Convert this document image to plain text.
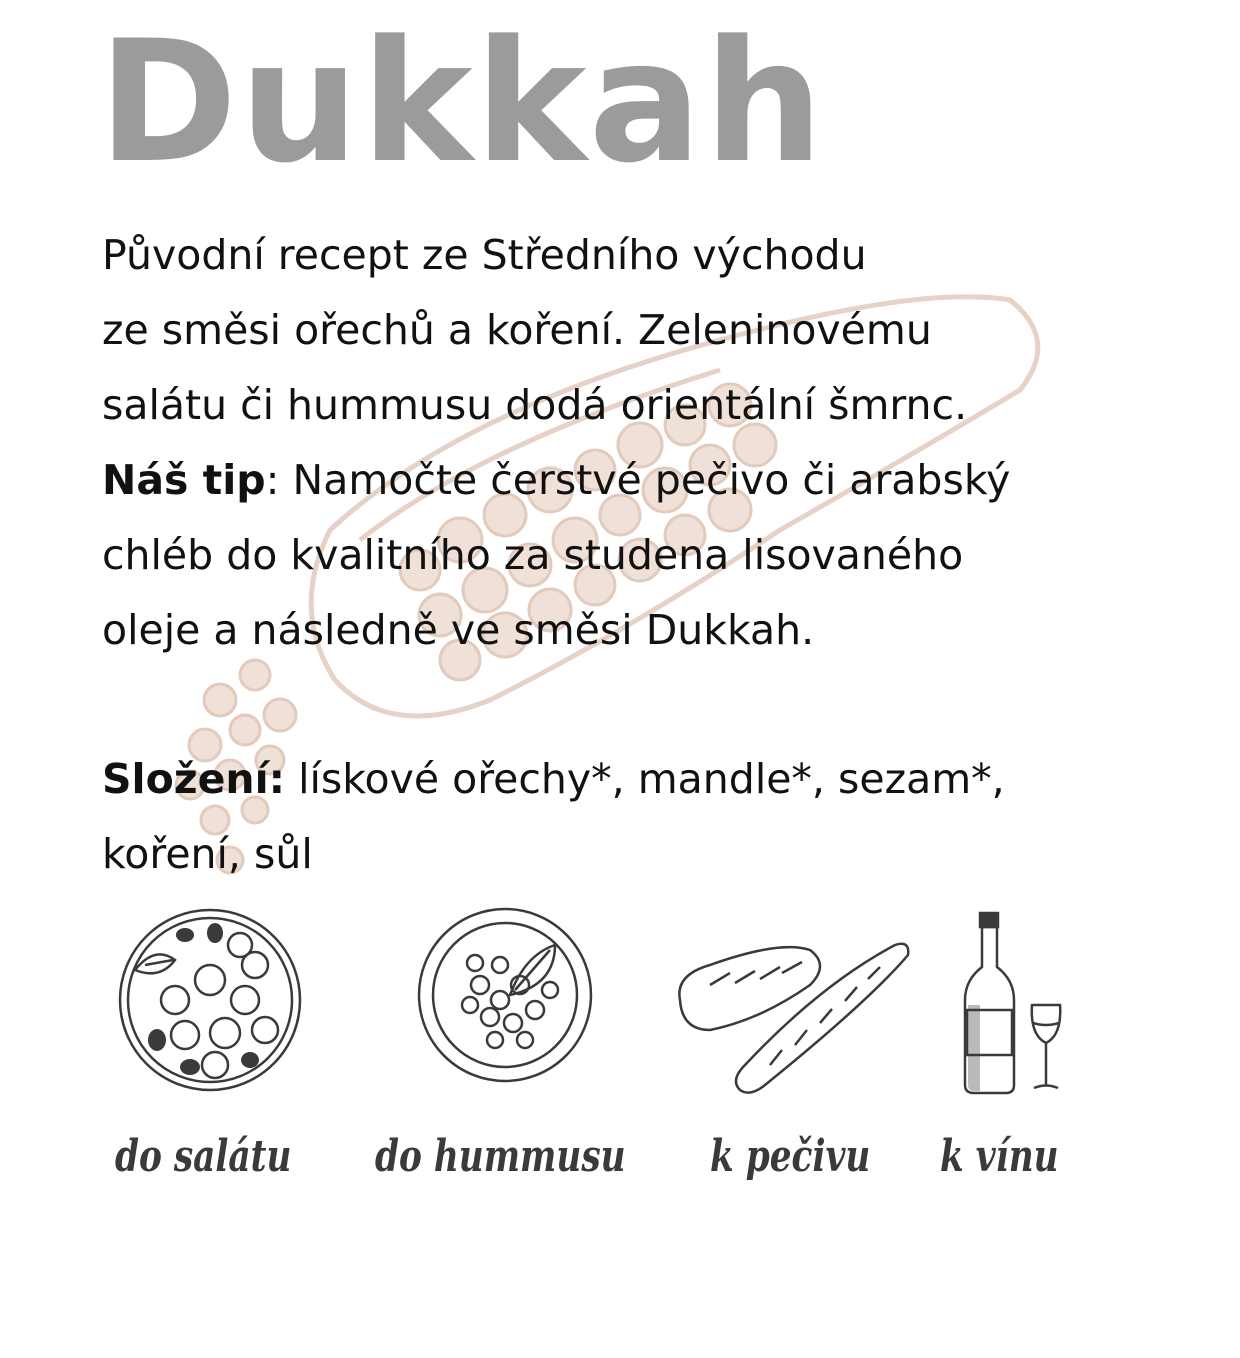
Dukkah

Původní recept ze Středního východu
ze směsi ořechů a koření. Zeleninovému
salátu či hummusu dodá orientální šmrnc.
Náš tip: Namočte čerstvé pečivo či arabský
chléb do kvalitního za studena lisovaného
oleje a následně ve směsi Dukkah.

Složení: lískové ořechy*, mandle*, sezam*,
koření, sůl

do salátu do hummusu k pečivu k vínu
